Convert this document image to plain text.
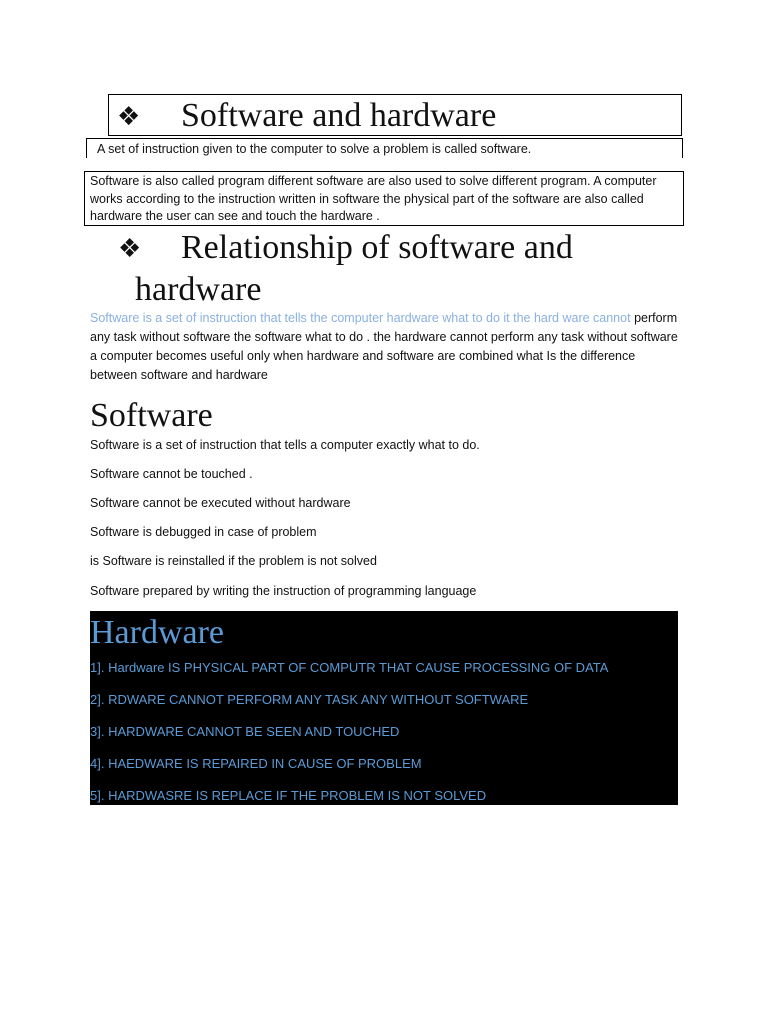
❖ Software and hardware
A set of instruction given to the computer to solve a problem is called software.
Software is also called program different software are also used to solve different program. A computer works according to the instruction written in software the physical part of the software are also called hardware the user can see and touch the hardware .
❖ Relationship of software and
hardware
Software is a set of instruction that tells the computer hardware what to do it the hard ware cannot perform any task without software the software what to do . the hardware cannot perform any task without software a computer becomes useful only when hardware and software are combined what Is the difference between software and hardware
Software
Software is a set of instruction that tells a computer exactly what to do.
Software cannot be touched .
Software cannot be executed without hardware
Software is debugged in case of problem
is Software is reinstalled if the problem is not solved
Software prepared by writing the instruction of programming language
Hardware
1]. Hardware IS PHYSICAL PART OF COMPUTR THAT CAUSE PROCESSING OF DATA
2]. RDWARE CANNOT PERFORM ANY TASK ANY WITHOUT SOFTWARE
3]. HARDWARE CANNOT BE SEEN AND TOUCHED
4]. HAEDWARE IS REPAIRED IN CAUSE OF PROBLEM
5]. HARDWASRE IS REPLACE IF THE PROBLEM IS NOT SOLVED
